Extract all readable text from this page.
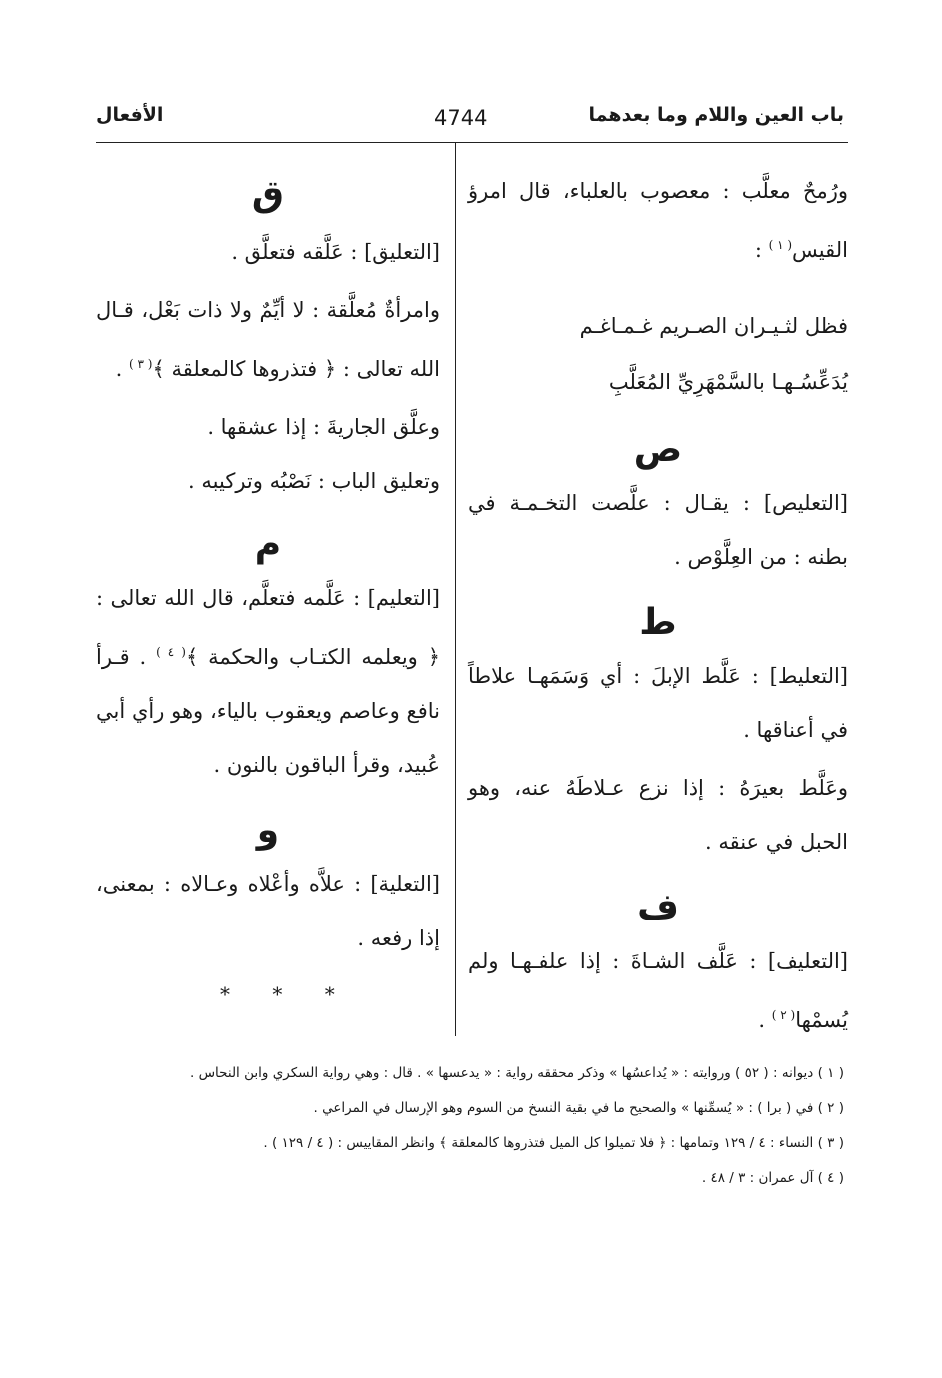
باب العين واللام وما بعدهما
4744
الأفعال

ورُمحٌ معلَّب : معصوب بالعلباء، قال امرؤ القيس$^{( ١ )}$ :

فظل لثـيـران الصـريم غـمـاغـم

يُدَعِّسُـهـا بالسَّمْهَرِيِّ المُعَلَّبِ

ص

[التعليص] : يقـال : علَّصت التخـمـة في بطنه : من العِلَّوْص .

ط

[التعليط] : عَلَّط الإبلَ : أي وَسَمَهـا علاطاً في أعناقها .

وعَلَّط بعيرَهُ : إذا نزع عـلاطَهُ عنه، وهو الحبل في عنقه .

ف

[التعليف] : عَلَّف الشـاةَ : إذا علفـهـا ولم يُسمْها$^{( ٢ )}$ .

ق

[التعليق] : عَلَّقه فتعلَّق .

وامرأةٌ مُعلَّقة : لا أيِّمٌ ولا ذات بَعْل، قـال الله تعالى : ﴿ فتذروها كالمعلقة ﴾$^{( ٣ )}$ .

وعلَّق الجاريةَ : إذا عشقها .

وتعليق الباب : نَصْبُه وتركيبه .

م

[التعليم] : عَلَّمه فتعلَّم، قال الله تعالى : ﴿ ويعلمه الكتـاب والحكمة ﴾$^{( ٤ )}$ . قـرأ نافع وعاصم ويعقوب بالياء، وهو رأي أبي عُبيد، وقرأ الباقون بالنون .

و

[التعلية] : علاَّه وأعْلاه وعـالاه : بمعنى، إذا رفعه .

* * *

( ١ ) ديوانه : ( ٥٢ ) وروايته : « يُداعسُها » وذكر محققه رواية : « يدعسها » . قال : وهي رواية السكري وابن النحاس .

( ٢ ) في ( برا ) : « يُسمِّنها » والصحيح ما في بقية النسخ من السوم وهو الإرسال في المراعي .

( ٣ ) النساء : ٤ / ١٢٩ وتمامها : ﴿ فلا تميلوا كل الميل فتذروها كالمعلقة ﴾ وانظر المقاييس : ( ٤ / ١٢٩ ) .

( ٤ ) آل عمران : ٣ / ٤٨ .
